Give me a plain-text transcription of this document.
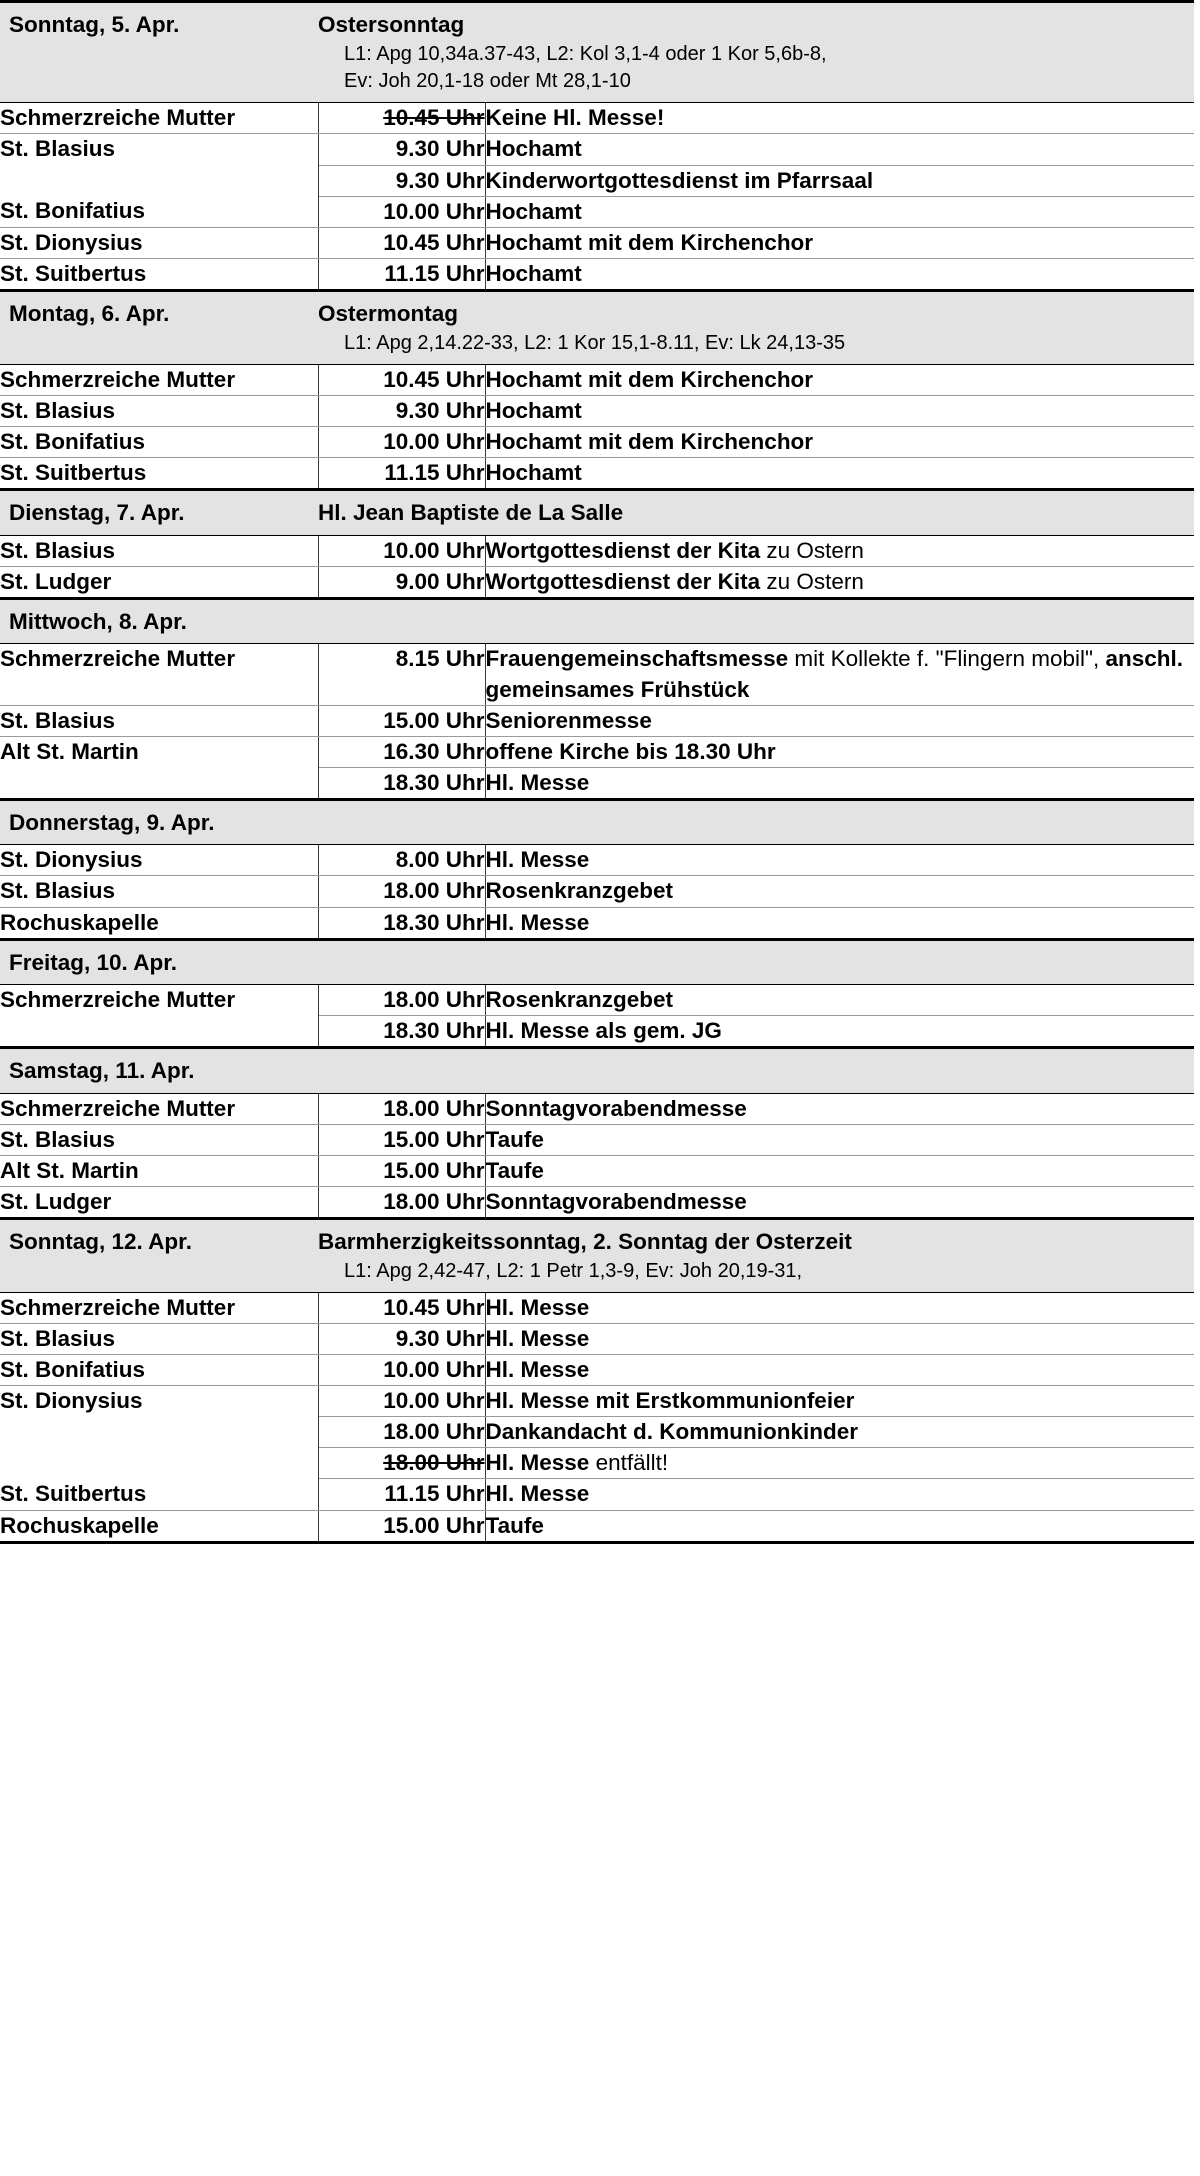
Sonntag, 5. Apr. Ostersonntag
L1: Apg 10,34a.37-43, L2: Kol 3,1-4 oder 1 Kor 5,6b-8,
Ev: Joh 20,1-18 oder Mt 28,1-10		

Schmerzreiche Mutter	10.45 Uhr	Keine Hl. Messe!
St. Blasius	9.30 Uhr	Hochamt
	9.30 Uhr	Kinderwortgottesdienst im Pfarrsaal
St. Bonifatius	10.00 Uhr	Hochamt
St. Dionysius	10.45 Uhr	Hochamt mit dem Kirchenchor
St. Suitbertus	11.15 Uhr	Hochamt

Montag, 6. Apr. Ostermontag
L1: Apg 2,14.22-33, L2: 1 Kor 15,1-8.11, Ev: Lk 24,13-35		

Schmerzreiche Mutter	10.45 Uhr	Hochamt mit dem Kirchenchor
St. Blasius	9.30 Uhr	Hochamt
St. Bonifatius	10.00 Uhr	Hochamt mit dem Kirchenchor
St. Suitbertus	11.15 Uhr	Hochamt

Dienstag, 7. Apr. Hl. Jean Baptiste de La Salle		

St. Blasius	10.00 Uhr	Wortgottesdienst der Kita zu Ostern
St. Ludger	9.00 Uhr	Wortgottesdienst der Kita zu Ostern

Mittwoch, 8. Apr.		

Schmerzreiche Mutter	8.15 Uhr	Frauengemeinschaftsmesse mit Kollekte f. "Flingern mobil", anschl. gemeinsames Frühstück
St. Blasius	15.00 Uhr	Seniorenmesse
Alt St. Martin	16.30 Uhr	offene Kirche bis 18.30 Uhr
	18.30 Uhr	Hl. Messe

Donnerstag, 9. Apr.		

St. Dionysius	8.00 Uhr	Hl. Messe
St. Blasius	18.00 Uhr	Rosenkranzgebet
Rochuskapelle	18.30 Uhr	Hl. Messe

Freitag, 10. Apr.		

Schmerzreiche Mutter	18.00 Uhr	Rosenkranzgebet
	18.30 Uhr	Hl. Messe als gem. JG

Samstag, 11. Apr.		

Schmerzreiche Mutter	18.00 Uhr	Sonntagvorabendmesse
St. Blasius	15.00 Uhr	Taufe
Alt St. Martin	15.00 Uhr	Taufe
St. Ludger	18.00 Uhr	Sonntagvorabendmesse

Sonntag, 12. Apr. Barmherzigkeitssonntag, 2. Sonntag der Osterzeit
L1: Apg 2,42-47, L2: 1 Petr 1,3-9, Ev: Joh 20,19-31,		

Schmerzreiche Mutter	10.45 Uhr	Hl. Messe
St. Blasius	9.30 Uhr	Hl. Messe
St. Bonifatius	10.00 Uhr	Hl. Messe
St. Dionysius	10.00 Uhr	Hl. Messe mit Erstkommunionfeier
	18.00 Uhr	Dankandacht d. Kommunionkinder
	18.00 Uhr	Hl. Messe entfällt!
St. Suitbertus	11.15 Uhr	Hl. Messe
Rochuskapelle	15.00 Uhr	Taufe
